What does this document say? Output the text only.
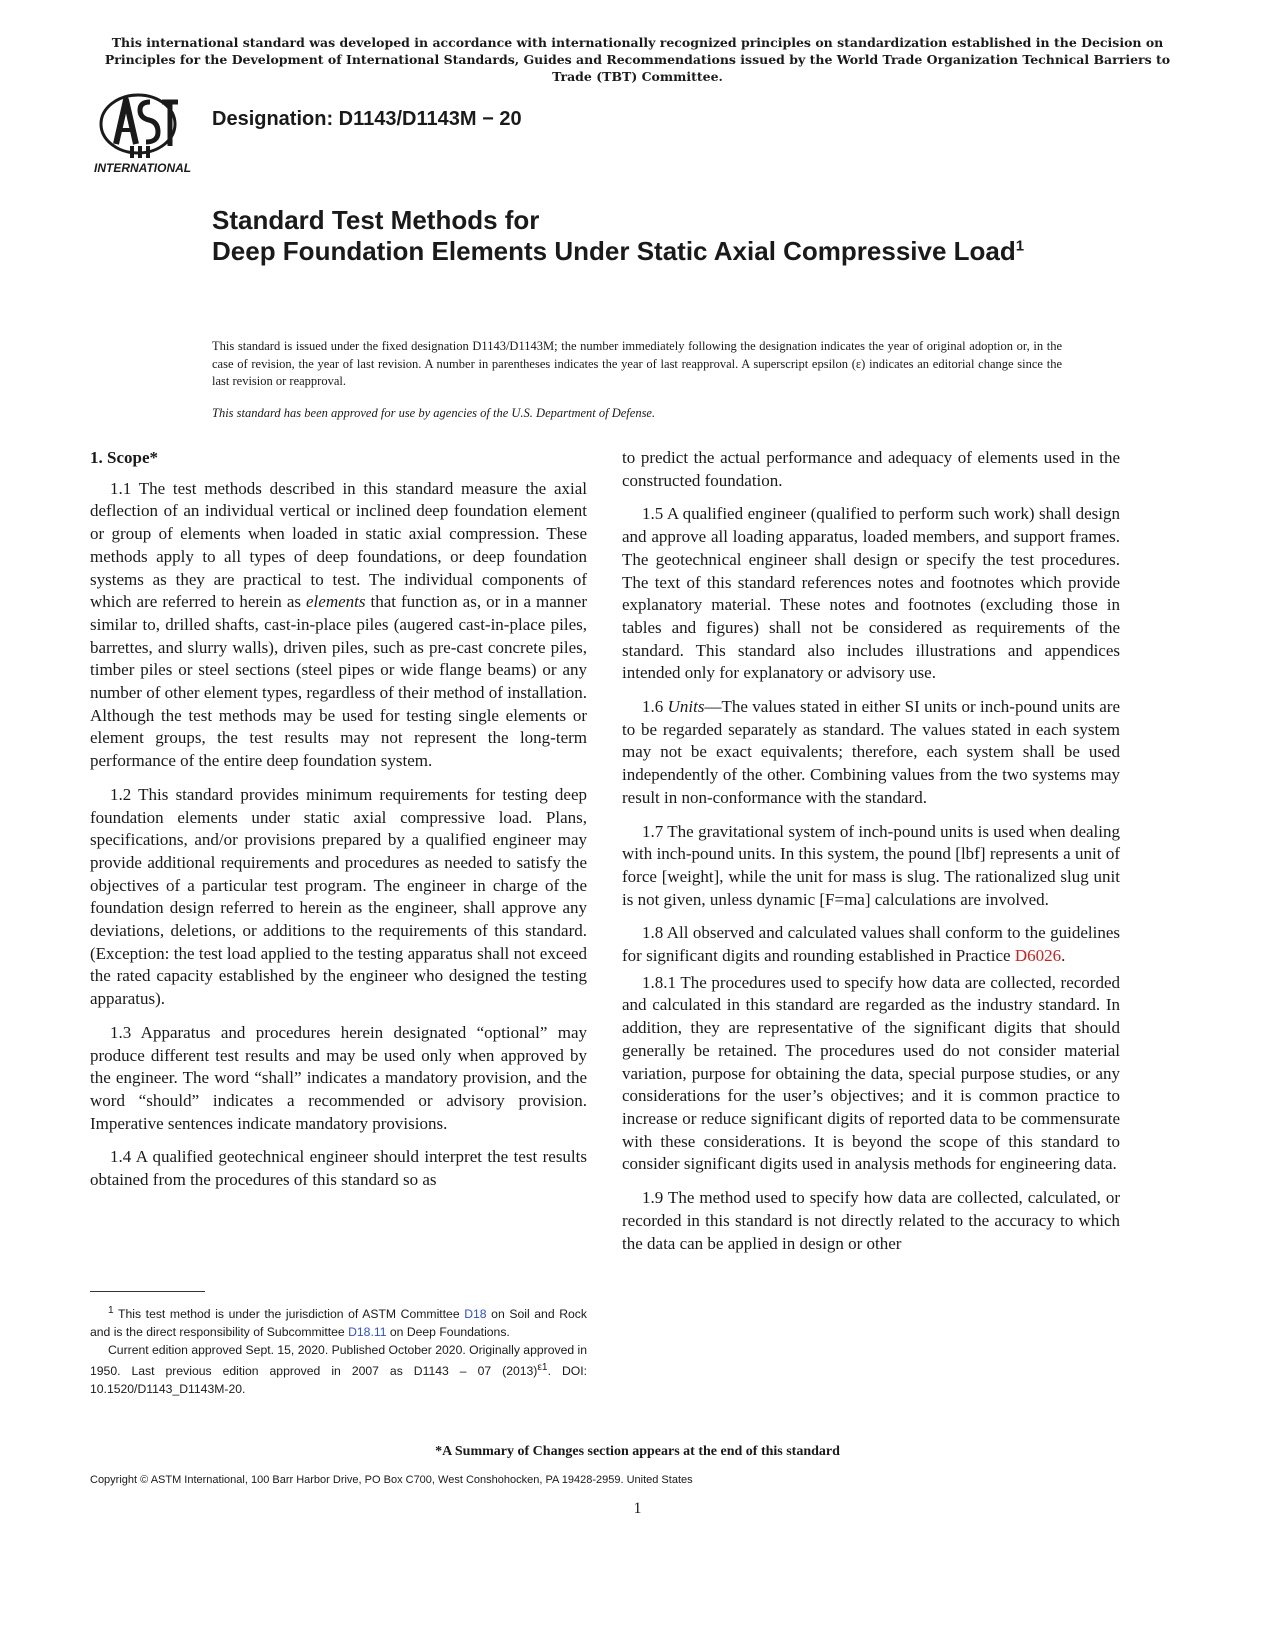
This international standard was developed in accordance with internationally recognized principles on standardization established in the Decision on Principles for the Development of International Standards, Guides and Recommendations issued by the World Trade Organization Technical Barriers to Trade (TBT) Committee.
INTERNATIONAL
Designation: D1143/D1143M − 20
Standard Test Methods for
Deep Foundation Elements Under Static Axial Compressive Load$^1$
This standard is issued under the fixed designation D1143/D1143M; the number immediately following the designation indicates the year of original adoption or, in the case of revision, the year of last revision. A number in parentheses indicates the year of last reapproval. A superscript epsilon (ε) indicates an editorial change since the last revision or reapproval.
This standard has been approved for use by agencies of the U.S. Department of Defense.
1. Scope*

1.1 The test methods described in this standard measure the axial deflection of an individual vertical or inclined deep foundation element or group of elements when loaded in static axial compression. These methods apply to all types of deep foundations, or deep foundation systems as they are practical to test. The individual components of which are referred to herein as elements that function as, or in a manner similar to, drilled shafts, cast-in-place piles (augered cast-in-place piles, barrettes, and slurry walls), driven piles, such as pre-cast concrete piles, timber piles or steel sections (steel pipes or wide flange beams) or any number of other element types, regardless of their method of installation. Although the test methods may be used for testing single elements or element groups, the test results may not represent the long-term performance of the entire deep foundation system.

1.2 This standard provides minimum requirements for testing deep foundation elements under static axial compressive load. Plans, specifications, and/or provisions prepared by a qualified engineer may provide additional requirements and procedures as needed to satisfy the objectives of a particular test program. The engineer in charge of the foundation design referred to herein as the engineer, shall approve any deviations, deletions, or additions to the requirements of this standard. (Exception: the test load applied to the testing apparatus shall not exceed the rated capacity established by the engineer who designed the testing apparatus).

1.3 Apparatus and procedures herein designated “optional” may produce different test results and may be used only when approved by the engineer. The word “shall” indicates a mandatory provision, and the word “should” indicates a recommended or advisory provision. Imperative sentences indicate mandatory provisions.

1.4 A qualified geotechnical engineer should interpret the test results obtained from the procedures of this standard so as

to predict the actual performance and adequacy of elements used in the constructed foundation.

1.5 A qualified engineer (qualified to perform such work) shall design and approve all loading apparatus, loaded members, and support frames. The geotechnical engineer shall design or specify the test procedures. The text of this standard references notes and footnotes which provide explanatory material. These notes and footnotes (excluding those in tables and figures) shall not be considered as requirements of the standard. This standard also includes illustrations and appendices intended only for explanatory or advisory use.

1.6 Units—The values stated in either SI units or inch-pound units are to be regarded separately as standard. The values stated in each system may not be exact equivalents; therefore, each system shall be used independently of the other. Combining values from the two systems may result in non-conformance with the standard.

1.7 The gravitational system of inch-pound units is used when dealing with inch-pound units. In this system, the pound [lbf] represents a unit of force [weight], while the unit for mass is slug. The rationalized slug unit is not given, unless dynamic [F=ma] calculations are involved.

1.8 All observed and calculated values shall conform to the guidelines for significant digits and rounding established in Practice D6026.

1.8.1 The procedures used to specify how data are collected, recorded and calculated in this standard are regarded as the industry standard. In addition, they are representative of the significant digits that should generally be retained. The procedures used do not consider material variation, purpose for obtaining the data, special purpose studies, or any considerations for the user’s objectives; and it is common practice to increase or reduce significant digits of reported data to be commensurate with these considerations. It is beyond the scope of this standard to consider significant digits used in analysis methods for engineering data.

1.9 The method used to specify how data are collected, calculated, or recorded in this standard is not directly related to the accuracy to which the data can be applied in design or other

$^1$ This test method is under the jurisdiction of ASTM Committee D18 on Soil and Rock and is the direct responsibility of Subcommittee D18.11 on Deep Foundations.

Current edition approved Sept. 15, 2020. Published October 2020. Originally approved in 1950. Last previous edition approved in 2007 as D1143 – 07 $(2013)^{\varepsilon 1}$. DOI: 10.1520/D1143_D1143M-20.

*A Summary of Changes section appears at the end of this standard
Copyright © ASTM International, 100 Barr Harbor Drive, PO Box C700, West Conshohocken, PA 19428-2959. United States
1
